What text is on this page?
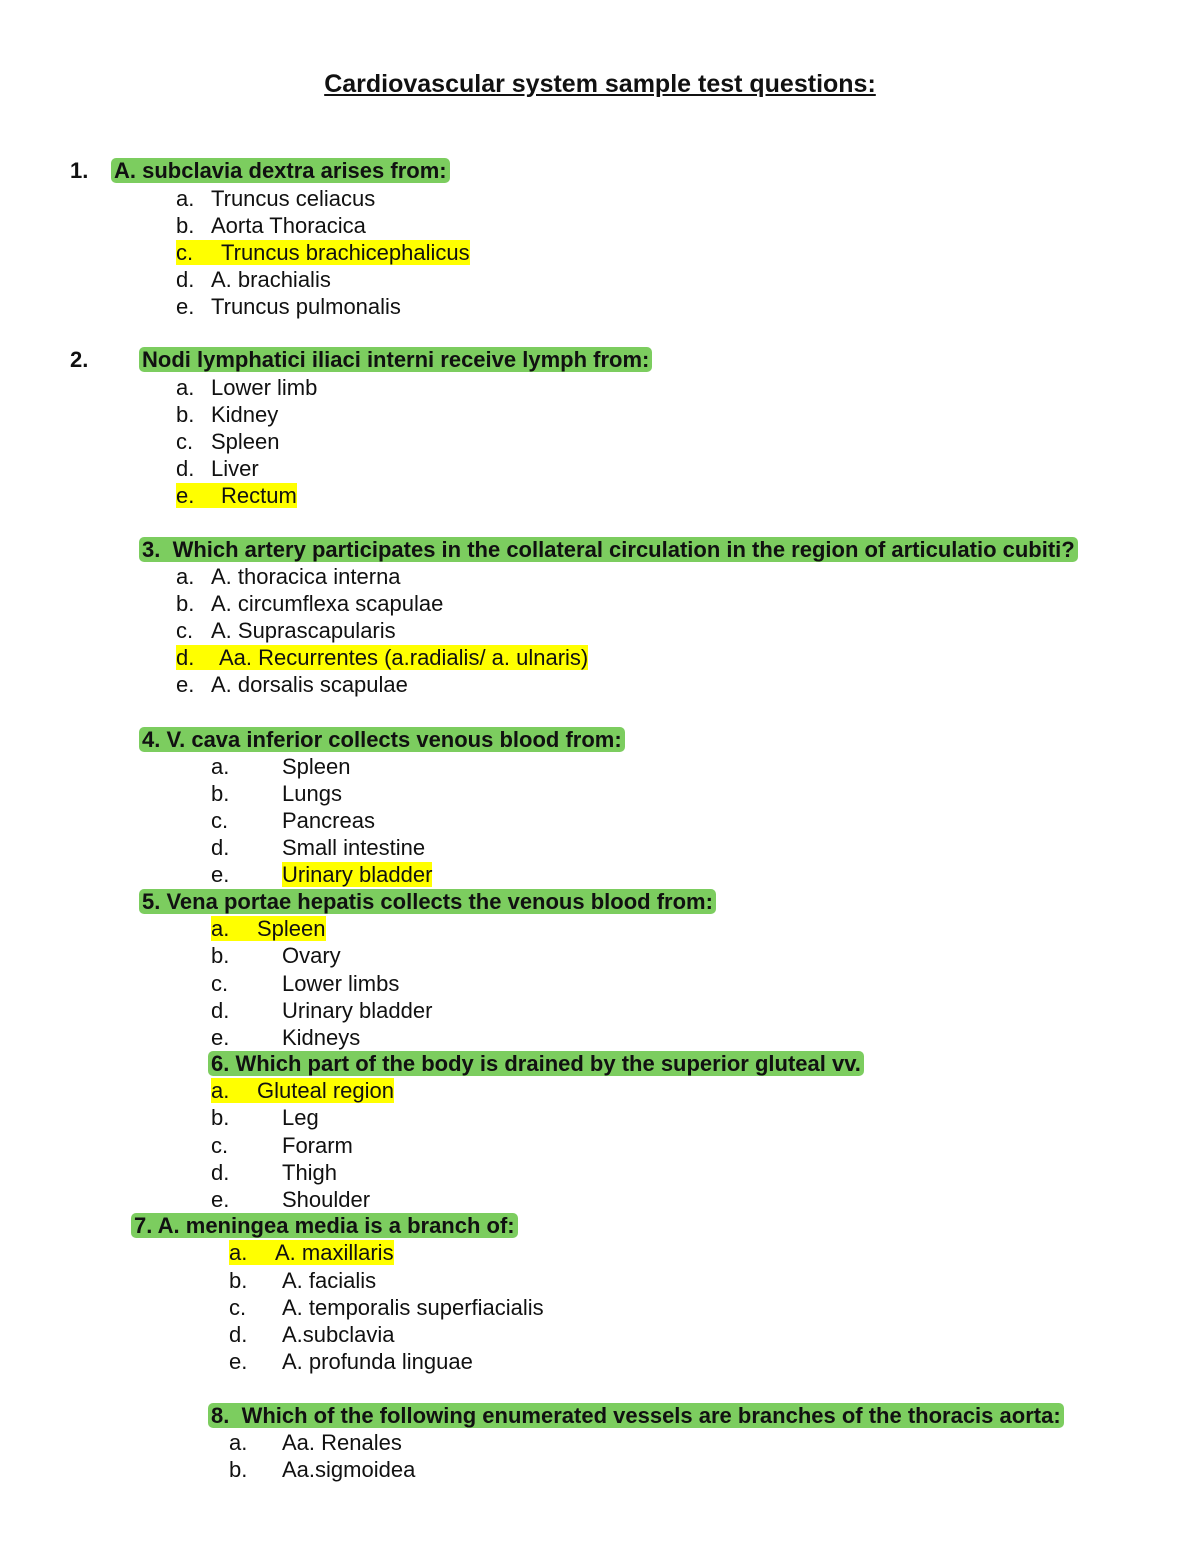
Cardiovascular system sample test questions:
1. A. subclavia dextra arises from:
a. Truncus celiacus
b. Aorta Thoracica
c. Truncus brachicephalicus
d. A. brachialis
e. Truncus pulmonalis
2. Nodi lymphatici iliaci interni receive lymph from:
a. Lower limb
b. Kidney
c. Spleen
d. Liver
e. Rectum
3.  Which artery participates in the collateral circulation in the region of articulatio cubiti?
a. A. thoracica interna
b. A. circumflexa scapulae
c. A. Suprascapularis
d. Aa. Recurrentes (a.radialis/ a. ulnaris)
e. A. dorsalis scapulae
4. V. cava inferior collects venous blood from:
a. Spleen
b. Lungs
c. Pancreas
d. Small intestine
e. Urinary bladder
5. Vena portae hepatis collects the venous blood from:
a. Spleen
b. Ovary
c. Lower limbs
d. Urinary bladder
e. Kidneys
6. Which part of the body is drained by the superior gluteal vv.
a. Gluteal region
b. Leg
c. Forarm
d. Thigh
e. Shoulder
7. A. meningea media is a branch of:
a. A. maxillaris
b. A. facialis
c. A. temporalis superfiacialis
d. A.subclavia
e. A. profunda linguae
8.  Which of the following enumerated vessels are branches of the thoracis aorta:
a. Aa. Renales
b. Aa.sigmoidea
